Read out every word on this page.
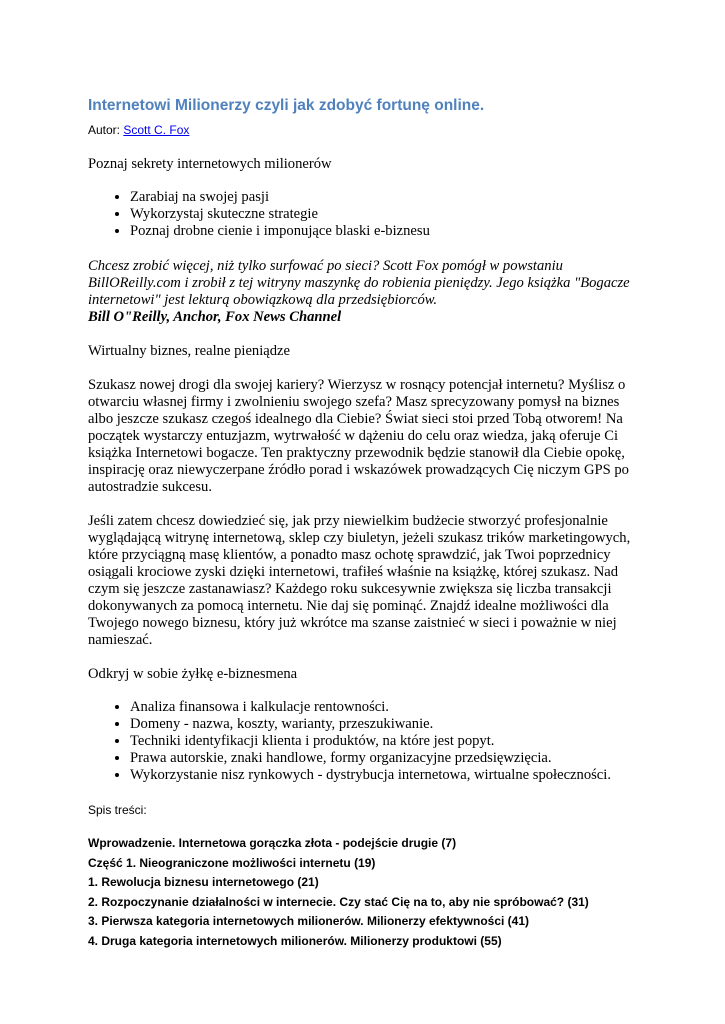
Internetowi Milionerzy czyli jak zdobyć fortunę online.
Autor: Scott C. Fox

Poznaj sekrety internetowych milionerów

• Zarabiaj na swojej pasji
• Wykorzystaj skuteczne strategie
• Poznaj drobne cienie i imponujące blaski e-biznesu

Chcesz zrobić więcej, niż tylko surfować po sieci? Scott Fox pomógł w powstaniu BillOReilly.com i zrobił z tej witryny maszynkę do robienia pieniędzy. Jego książka "Bogacze internetowi" jest lekturą obowiązkową dla przedsiębiorców.

Bill O"Reilly, Anchor, Fox News Channel

Wirtualny biznes, realne pieniądze

Szukasz nowej drogi dla swojej kariery? Wierzysz w rosnący potencjał internetu? Myślisz o otwarciu własnej firmy i zwolnieniu swojego szefa? Masz sprecyzowany pomysł na biznes albo jeszcze szukasz czegoś idealnego dla Ciebie? Świat sieci stoi przed Tobą otworem! Na początek wystarczy entuzjazm, wytrwałość w dążeniu do celu oraz wiedza, jaką oferuje Ci książka Internetowi bogacze. Ten praktyczny przewodnik będzie stanowił dla Ciebie opokę, inspirację oraz niewyczerpane źródło porad i wskazówek prowadzących Cię niczym GPS po autostradzie sukcesu.

Jeśli zatem chcesz dowiedzieć się, jak przy niewielkim budżecie stworzyć profesjonalnie wyglądającą witrynę internetową, sklep czy biuletyn, jeżeli szukasz trików marketingowych, które przyciągną masę klientów, a ponadto masz ochotę sprawdzić, jak Twoi poprzednicy osiągali krociowe zyski dzięki internetowi, trafiłeś właśnie na książkę, której szukasz. Nad czym się jeszcze zastanawiasz? Każdego roku sukcesywnie zwiększa się liczba transakcji dokonywanych za pomocą internetu. Nie daj się pominąć. Znajdź idealne możliwości dla Twojego nowego biznesu, który już wkrótce ma szanse zaistnieć w sieci i poważnie w niej namieszać.

Odkryj w sobie żyłkę e-biznesmena

• Analiza finansowa i kalkulacje rentowności.
• Domeny - nazwa, koszty, warianty, przeszukiwanie.
• Techniki identyfikacji klienta i produktów, na które jest popyt.
• Prawa autorskie, znaki handlowe, formy organizacyjne przedsięwzięcia.
• Wykorzystanie nisz rynkowych - dystrybucja internetowa, wirtualne społeczności.
Spis treści:
Wprowadzenie. Internetowa gorączka złota - podejście drugie (7)
Część 1. Nieograniczone możliwości internetu (19)
1. Rewolucja biznesu internetowego (21)
2. Rozpoczynanie działalności w internecie. Czy stać Cię na to, aby nie spróbować? (31)
3. Pierwsza kategoria internetowych milionerów. Milionerzy efektywności (41)
4. Druga kategoria internetowych milionerów. Milionerzy produktowi (55)
